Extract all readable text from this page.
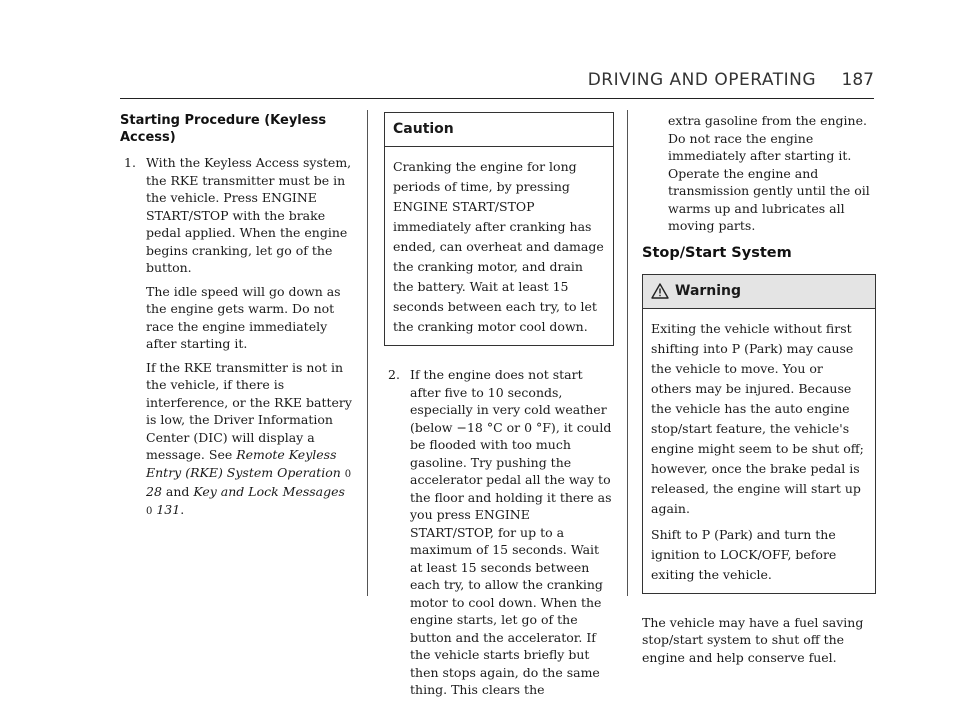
DRIVING AND OPERATING 187
Starting Procedure (Keyless Access)
1. With the Keyless Access system, the RKE transmitter must be in the vehicle. Press ENGINE START/STOP with the brake pedal applied. When the engine begins cranking, let go of the button.

The idle speed will go down as the engine gets warm. Do not race the engine immediately after starting it.

If the RKE transmitter is not in the vehicle, if there is interference, or the RKE battery is low, the Driver Information Center (DIC) will display a message. See Remote Keyless Entry (RKE) System Operation 0 28 and Key and Lock Messages 0 131.

Caution

Cranking the engine for long periods of time, by pressing ENGINE START/STOP immediately after cranking has ended, can overheat and damage the cranking motor, and drain the battery. Wait at least 15 seconds between each try, to let the cranking motor cool down.

2. If the engine does not start after five to 10 seconds, especially in very cold weather (below −18 °C or 0 °F), it could be flooded with too much gasoline. Try pushing the accelerator pedal all the way to the floor and holding it there as you press ENGINE START/STOP, for up to a maximum of 15 seconds. Wait at least 15 seconds between each try, to allow the cranking motor to cool down. When the engine starts, let go of the button and the accelerator. If the vehicle starts briefly but then stops again, do the same thing. This clears the

extra gasoline from the engine. Do not race the engine immediately after starting it. Operate the engine and transmission gently until the oil warms up and lubricates all moving parts.

Stop/Start System
Warning

Exiting the vehicle without first shifting into P (Park) may cause the vehicle to move. You or others may be injured. Because the vehicle has the auto engine stop/start feature, the vehicle's engine might seem to be shut off; however, once the brake pedal is released, the engine will start up again.

Shift to P (Park) and turn the ignition to LOCK/OFF, before exiting the vehicle.

The vehicle may have a fuel saving stop/start system to shut off the engine and help conserve fuel.
